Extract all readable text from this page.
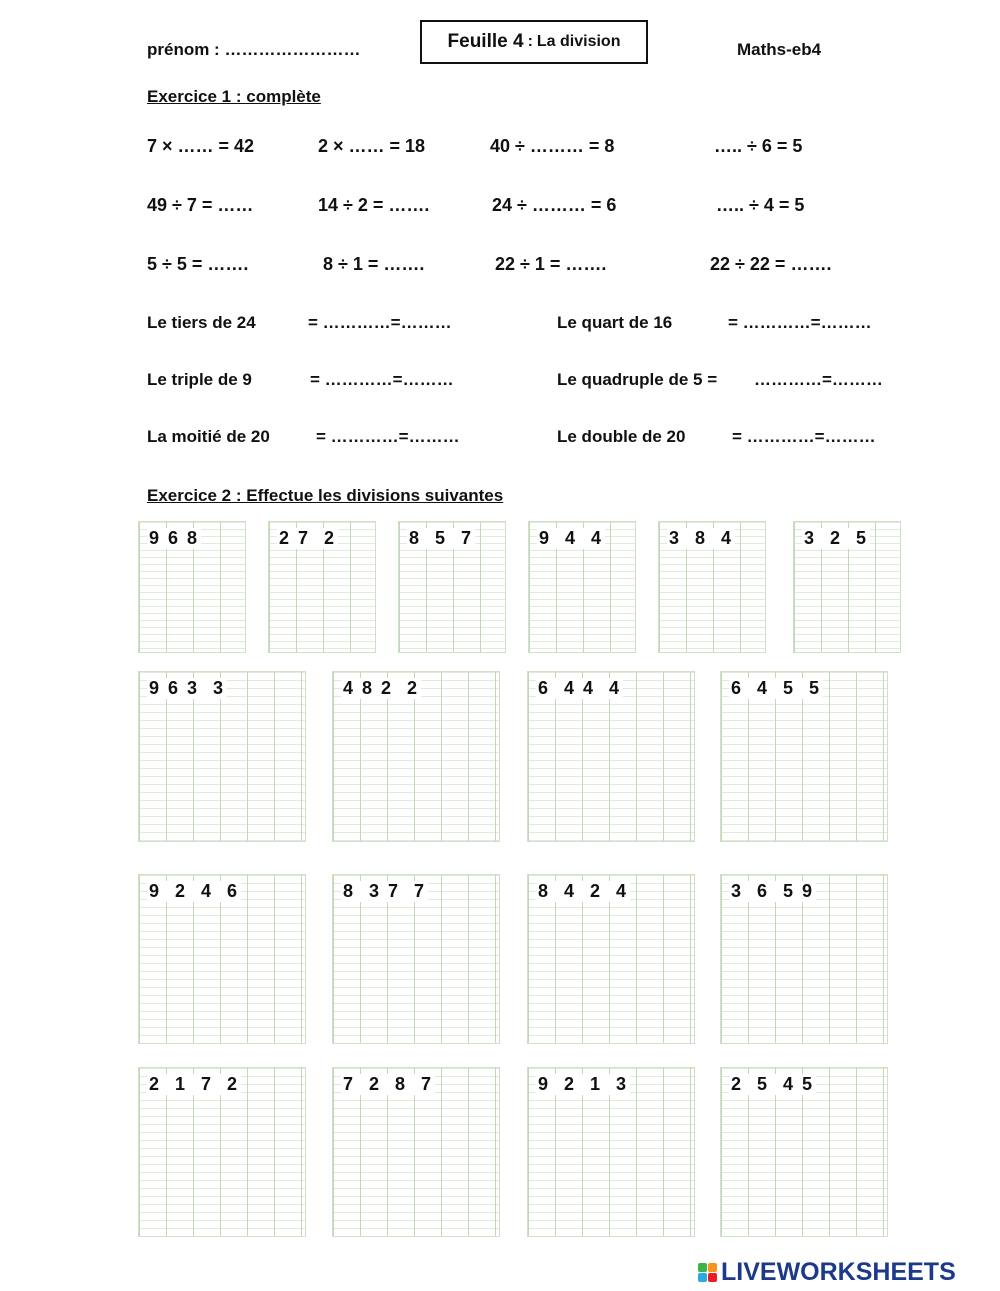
prénom : ……………………	Feuille 4 : La division	Maths-eb4
Exercice 1 : complète
7 × …… = 42	2 × …… = 18	40 ÷ ……… = 8	….. ÷ 6 = 5
49 ÷ 7 = ……	14 ÷ 2 = …….	24 ÷ ……… = 6	….. ÷ 4 = 5
5 ÷ 5 = …….	8 ÷ 1 = …….	22 ÷ 1 = …….	22 ÷ 22 = …….
Le tiers de 24	= …………=………	Le quart de 16	= …………=………
Le triple de 9	= …………=………	Le quadruple de 5 = …………=………
La moitié de 20	= …………=………	Le double de 20	= …………=………
Exercice 2 : Effectue les divisions suivantes
9 6 8	2 7  2	8  5  7	9  4  4	3  8  4	3  2  5
9 6 3  3	4 8 2  2	6  4 4  4	6  4  5  5
9  2  4  6	8  3 7  7	8  4  2  4	3  6  5 9
2  1  7  2	7  2  8  7	9  2  1  3	2  5  4 5
LIVEWORKSHEETS
